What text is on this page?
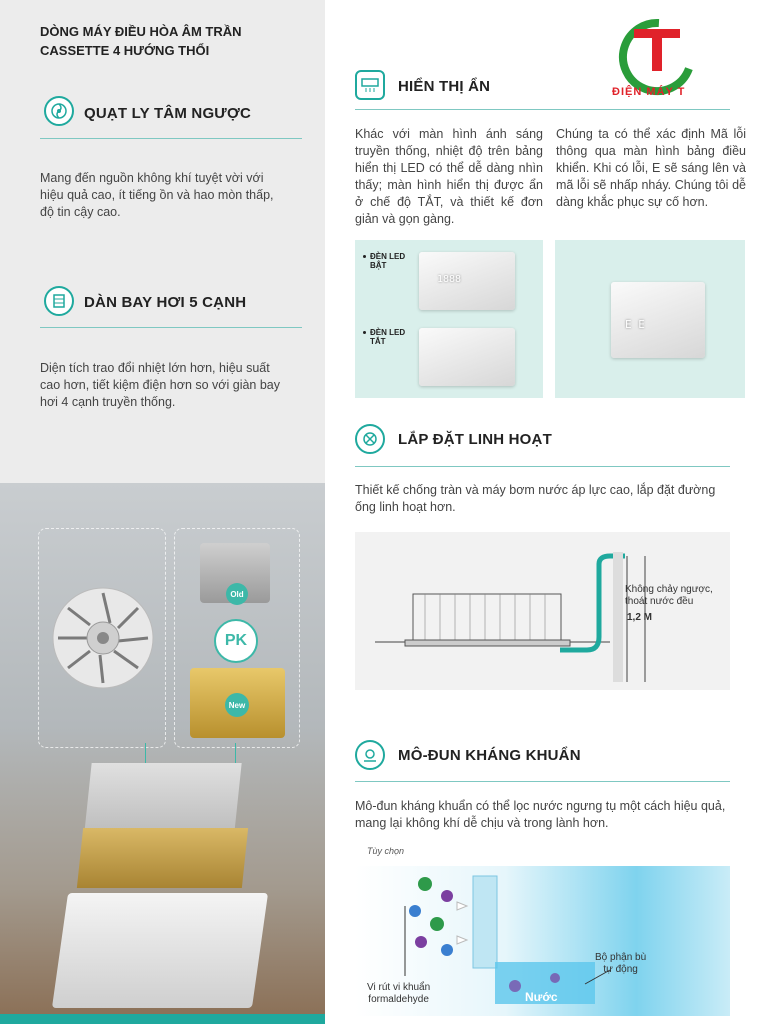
DÒNG MÁY ĐIỀU HÒA ÂM TRẦN
CASSETTE 4 HƯỚNG THỔI
QUẠT LY TÂM NGƯỢC
Mang đến nguồn không khí tuyệt vời với hiệu quả cao, ít tiếng ồn và hao mòn thấp, độ tin cậy cao.
DÀN BAY HƠI 5 CẠNH
Diện tích trao đổi nhiệt lớn hơn, hiệu suất cao hơn, tiết kiệm điện hơn so với giàn bay hơi 4 cạnh truyền thống.
Old
PK
New
ĐIỆN MÁY T
HIỂN THỊ ẨN
Khác với màn hình ánh sáng truyền thống, nhiệt độ trên bảng hiển thị LED có thể dễ dàng nhìn thấy; màn hình hiển thị được ẩn ở chế độ TẮT, và thiết kế đơn giản và gọn gàng.
Chúng ta có thể xác định Mã lỗi thông qua màn hình bảng điều khiển. Khi có lỗi, E sẽ sáng lên và mã lỗi sẽ nhấp nháy. Chúng tôi dễ dàng khắc phục sự cố hơn.
ĐÈN LED
BẬT
1888
ĐÈN LED
TẮT
E E
LẮP ĐẶT LINH HOẠT
Thiết kế chống tràn và máy bơm nước áp lực cao, lắp đặt đường ống linh hoạt hơn.
Không chảy ngược,
thoát nước đều
1,2 M
MÔ-ĐUN KHÁNG KHUẨN
Mô-đun kháng khuẩn có thể lọc nước ngưng tụ một cách hiệu quả, mang lại không khí dễ chịu và trong lành hơn.
Tùy chọn
Vi rút vi khuẩn
formaldehyde
Bộ phận bù
tự động
Nước
